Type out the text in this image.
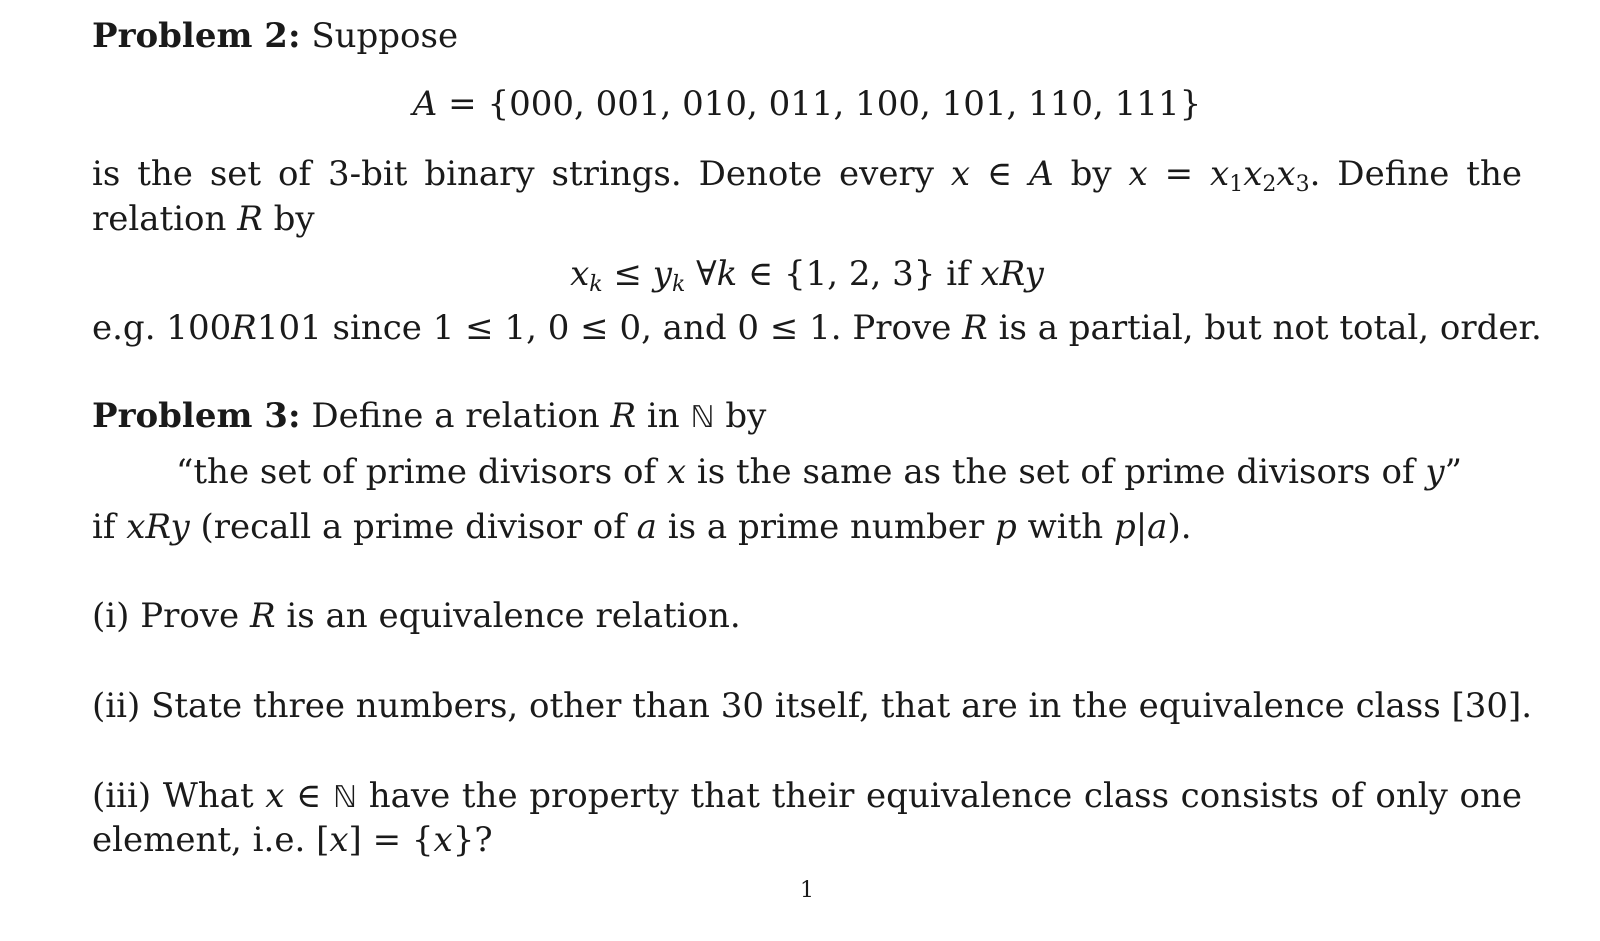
Problem 2: Suppose
A = {000, 001, 010, 011, 100, 101, 110, 111}
is the set of 3-bit binary strings. Denote every x ∈ A by $x = x_1x_2x_3$. Define the
relation R by
xk ≤ yk ∀k ∈ {1, 2, 3} if xRy
e.g. 100R101 since 1 ≤ 1, 0 ≤ 0, and 0 ≤ 1. Prove R is a partial, but not total, order.
Problem 3: Define a relation R in ℕ by
“the set of prime divisors of x is the same as the set of prime divisors of y”
if xRy (recall a prime divisor of a is a prime number p with p|a).
(i) Prove R is an equivalence relation.
(ii) State three numbers, other than 30 itself, that are in the equivalence class [30].
(iii) What x ∈ ℕ have the property that their equivalence class consists of only one
element, i.e. [x] = {x}?
1
